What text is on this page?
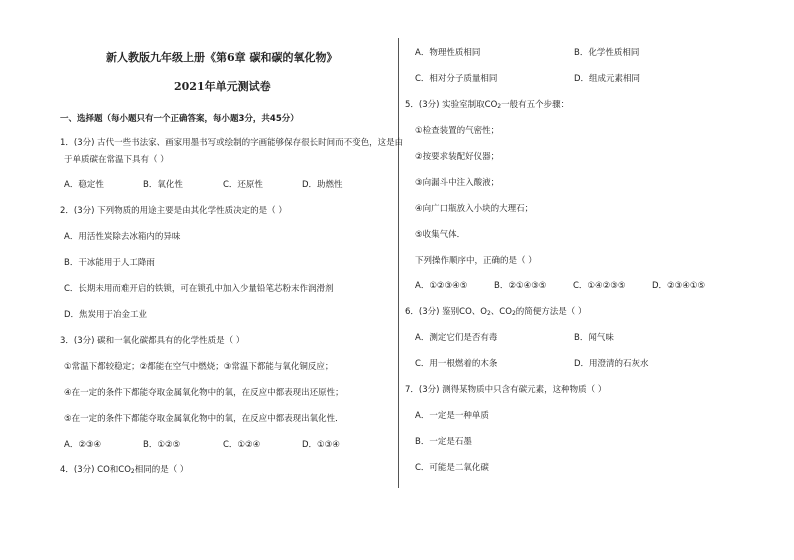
新人教版九年级上册《第6章 碳和碳的氧化物》
2021年单元测试卷
一、选择题（每小题只有一个正确答案，每小题3分，共45分）
1．(3分) 古代一些书法家、画家用墨书写或绘制的字画能够保存很长时间而不变色，这是由
于单质碳在常温下具有（ ）
A．稳定性	B．氧化性	C．还原性	D．助燃性
2．(3分) 下列物质的用途主要是由其化学性质决定的是（ ）
A．用活性炭除去冰箱内的异味
B．干冰能用于人工降雨
C．长期未用而难开启的铁锁，可在锁孔中加入少量铅笔芯粉末作润滑剂
D．焦炭用于冶金工业
3．(3分) 碳和一氧化碳都具有的化学性质是（ ）
①常温下都较稳定；②都能在空气中燃烧；③常温下都能与氧化铜反应；
④在一定的条件下都能夺取金属氧化物中的氧，在反应中都表现出还原性；
⑤在一定的条件下都能夺取金属氧化物中的氧，在反应中都表现出氧化性．
A．②③④	B．①②⑤	C．①②④	D．①③④
4．(3分) CO和$CO_2$相同的是（ ）
A．物理性质相同	B．化学性质相同
C．相对分子质量相同	D．组成元素相同
5．(3分) 实验室制取$CO_2$一般有五个步骤：
①检查装置的气密性；
②按要求装配好仪器；
③向漏斗中注入酸液；
④向广口瓶放入小块的大理石；
⑤收集气体．
下列操作顺序中，正确的是（ ）
A．①②③④⑤	B．②①④③⑤	C．①④②③⑤	D．②③④①⑤
6．(3分) 鉴别CO、$O_2$、$CO_2$的简便方法是（ ）
A．测定它们是否有毒	B．闻气味
C．用一根燃着的木条	D．用澄清的石灰水
7．(3分) 测得某物质中只含有碳元素，这种物质（ ）
A．一定是一种单质
B．一定是石墨
C．可能是二氧化碳
